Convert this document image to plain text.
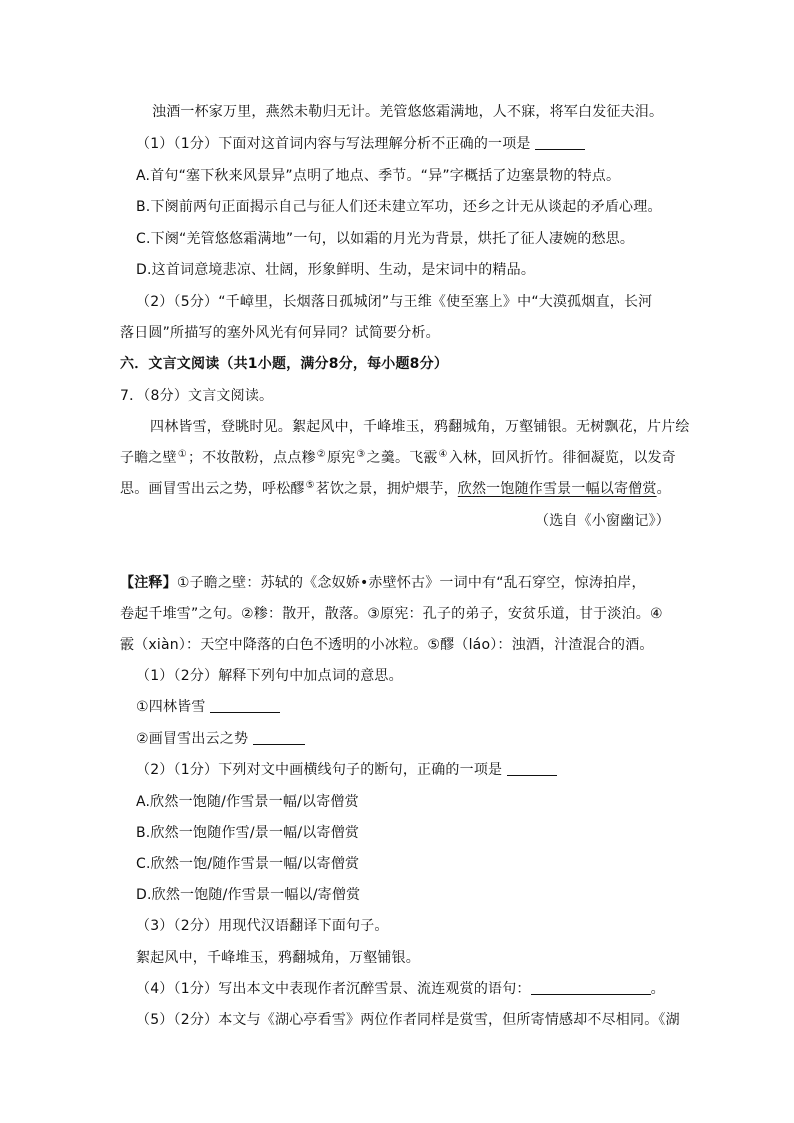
浊酒一杯家万里，燕然未勒归无计。羌管悠悠霜满地，人不寐，将军白发征夫泪。
（1）（1分）下面对这首词内容与写法理解分析不正确的一项是
A.首句“塞下秋来风景异”点明了地点、季节。“异”字概括了边塞景物的特点。
B.下阕前两句正面揭示自己与征人们还未建立军功，还乡之计无从谈起的矛盾心理。
C.下阕“羌管悠悠霜满地”一句，以如霜的月光为背景，烘托了征人凄婉的愁思。
D.这首词意境悲凉、壮阔，形象鲜明、生动，是宋词中的精品。
（2）（5分）“千嶂里，长烟落日孤城闭”与王维《使至塞上》中“大漠孤烟直，长河
落日圆”所描写的塞外风光有何异同？试简要分析。
六．文言文阅读（共1小题，满分8分，每小题8分）
7．（8分）文言文阅读。
四林皆雪，登眺时见。絮起风中，千峰堆玉，鸦翻城角，万壑铺银。无树飘花，片片绘
子瞻之壁①；不妆散粉，点点糁②原宪③之羹。飞霰④入林，回风折竹。徘徊凝览，以发奇
思。画冒雪出云之势，呼松醪⑤茗饮之景，拥炉煨芋，欣然一饱随作雪景一幅以寄僧赏。
（选自《小窗幽记》）
【注释】①子瞻之壁：苏轼的《念奴娇•赤壁怀古》一词中有“乱石穿空，惊涛拍岸，
卷起千堆雪”之句。②糁：散开，散落。③原宪：孔子的弟子，安贫乐道，甘于淡泊。④
霰（xiàn）：天空中降落的白色不透明的小冰粒。⑤醪（láo）：浊酒，汁渣混合的酒。
（1）（2分）解释下列句中加点词的意思。
①四林皆雪
②画冒雪出云之势
（2）（1分）下列对文中画横线句子的断句，正确的一项是
A.欣然一饱随/作雪景一幅/以寄僧赏
B.欣然一饱随作雪/景一幅/以寄僧赏
C.欣然一饱/随作雪景一幅/以寄僧赏
D.欣然一饱随/作雪景一幅以/寄僧赏
（3）（2分）用现代汉语翻译下面句子。
絮起风中，千峰堆玉，鸦翻城角，万壑铺银。
（4）（1分）写出本文中表现作者沉醉雪景、流连观赏的语句：	。
（5）（2分）本文与《湖心亭看雪》两位作者同样是赏雪，但所寄情感却不尽相同。《湖
